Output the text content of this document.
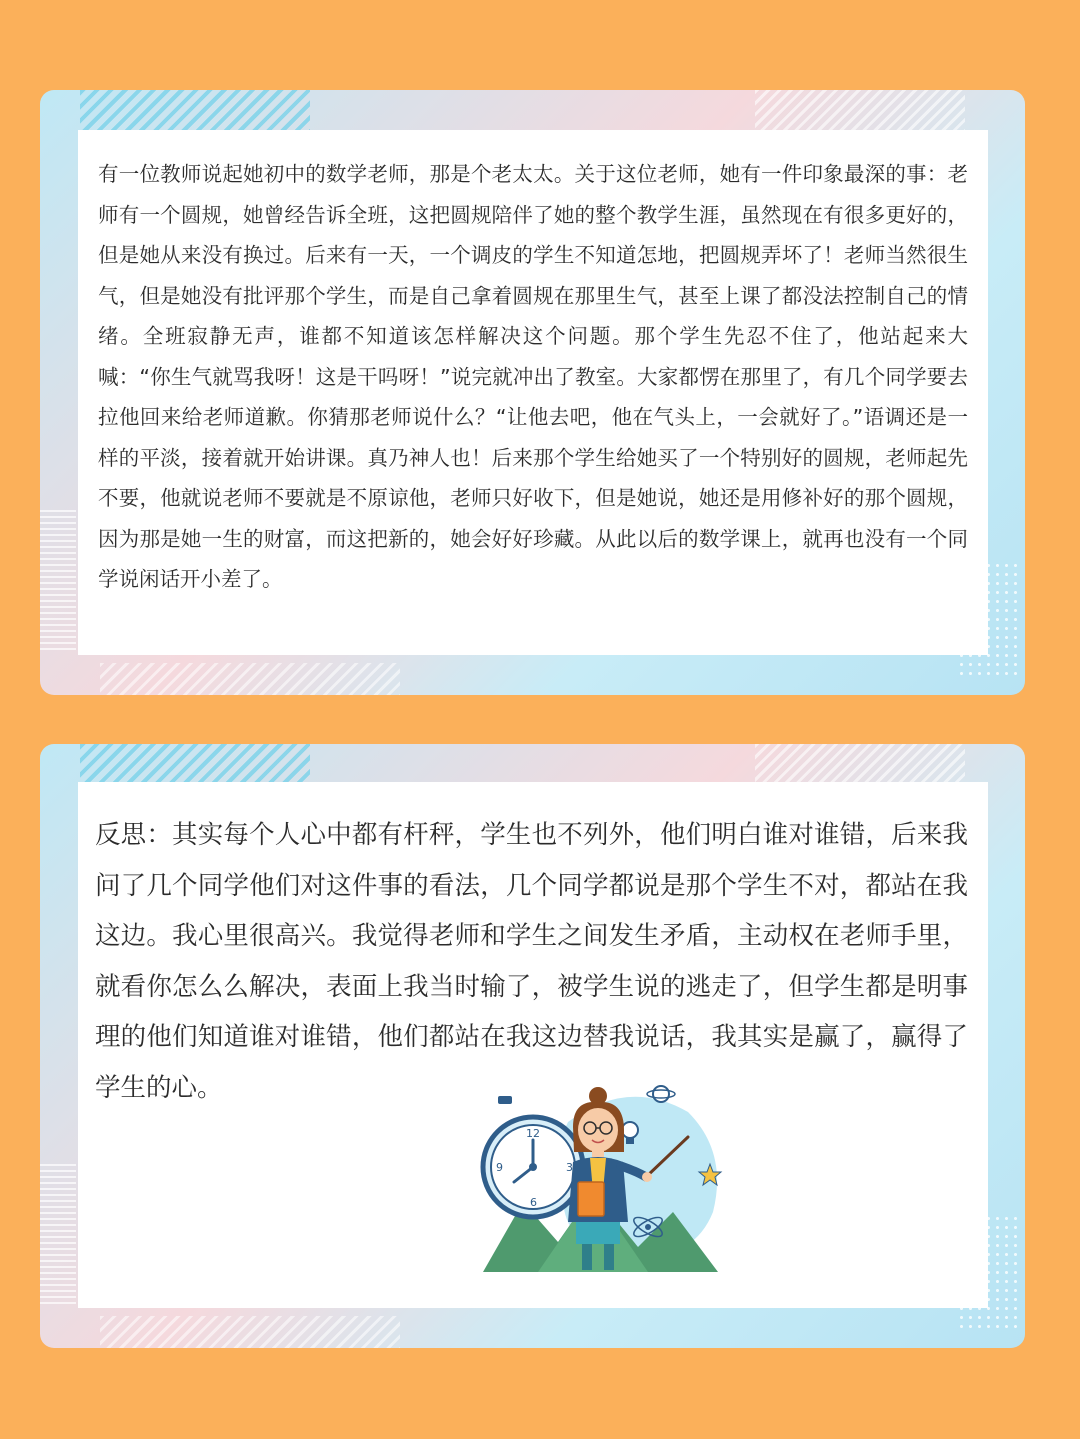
有一位教师说起她初中的数学老师，那是个老太太。关于这位老师，她有一件印象最深的事：老师有一个圆规，她曾经告诉全班，这把圆规陪伴了她的整个教学生涯，虽然现在有很多更好的，但是她从来没有换过。后来有一天，一个调皮的学生不知道怎地，把圆规弄坏了！老师当然很生气，但是她没有批评那个学生，而是自己拿着圆规在那里生气，甚至上课了都没法控制自己的情绪。全班寂静无声，谁都不知道该怎样解决这个问题。那个学生先忍不住了，他站起来大喊：“你生气就骂我呀！这是干吗呀！”说完就冲出了教室。大家都愣在那里了，有几个同学要去拉他回来给老师道歉。你猜那老师说什么？“让他去吧，他在气头上，一会就好了。”语调还是一样的平淡，接着就开始讲课。真乃神人也！后来那个学生给她买了一个特别好的圆规，老师起先不要，他就说老师不要就是不原谅他，老师只好收下，但是她说，她还是用修补好的那个圆规，因为那是她一生的财富，而这把新的，她会好好珍藏。从此以后的数学课上，就再也没有一个同学说闲话开小差了。

反思：其实每个人心中都有杆秤，学生也不列外，他们明白谁对谁错，后来我问了几个同学他们对这件事的看法，几个同学都说是那个学生不对，都站在我这边。我心里很高兴。我觉得老师和学生之间发生矛盾，主动权在老师手里，就看你怎么么解决，表面上我当时输了，被学生说的逃走了，但学生都是明事理的他们知道谁对谁错，他们都站在我这边替我说话，我其实是赢了，赢得了学生的心。

12
3
6
9
